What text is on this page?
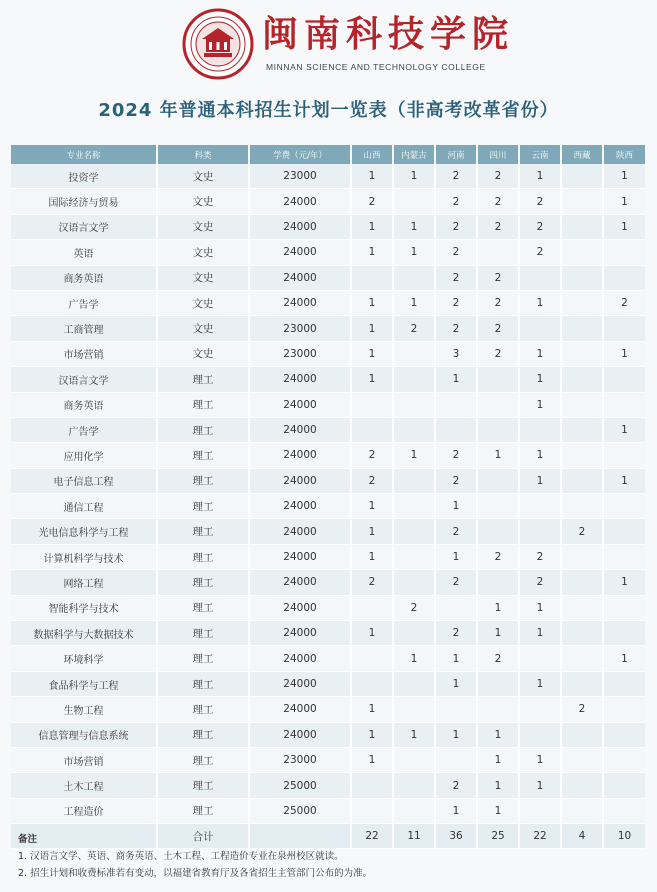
闽南科技学院
MINNAN SCIENCE AND TECHNOLOGY COLLEGE
2024 年普通本科招生计划一览表（非高考改革省份）
专业名称	科类	学费（元/年）	山西	内蒙古	河南	四川	云南	西藏	陕西
投资学	文史	23000	1	1	2	2	1		1
国际经济与贸易	文史	24000	2		2	2	2		1
汉语言文学	文史	24000	1	1	2	2	2		1
英语	文史	24000	1	1	2		2		
商务英语	文史	24000			2	2			
广告学	文史	24000	1	1	2	2	1		2
工商管理	文史	23000	1	2	2	2			
市场营销	文史	23000	1		3	2	1		1
汉语言文学	理工	24000	1		1		1		
商务英语	理工	24000					1		
广告学	理工	24000							1
应用化学	理工	24000	2	1	2	1	1		
电子信息工程	理工	24000	2		2		1		1
通信工程	理工	24000	1		1				
光电信息科学与工程	理工	24000	1		2			2	
计算机科学与技术	理工	24000	1		1	2	2		
网络工程	理工	24000	2		2		2		1
智能科学与技术	理工	24000		2		1	1		
数据科学与大数据技术	理工	24000	1		2	1	1		
环境科学	理工	24000		1	1	2			1
食品科学与工程	理工	24000			1		1		
生物工程	理工	24000	1					2	
信息管理与信息系统	理工	24000	1	1	1	1			
市场营销	理工	23000	1			1	1		
土木工程	理工	25000			2	1	1		
工程造价	理工	25000			1	1			
	合计		22	11	36	25	22	4	10
备注
1. 汉语言文学、英语、商务英语、土木工程、工程造价专业在泉州校区就读。
2. 招生计划和收费标准若有变动，以福建省教育厅及各省招生主管部门公布的为准。
